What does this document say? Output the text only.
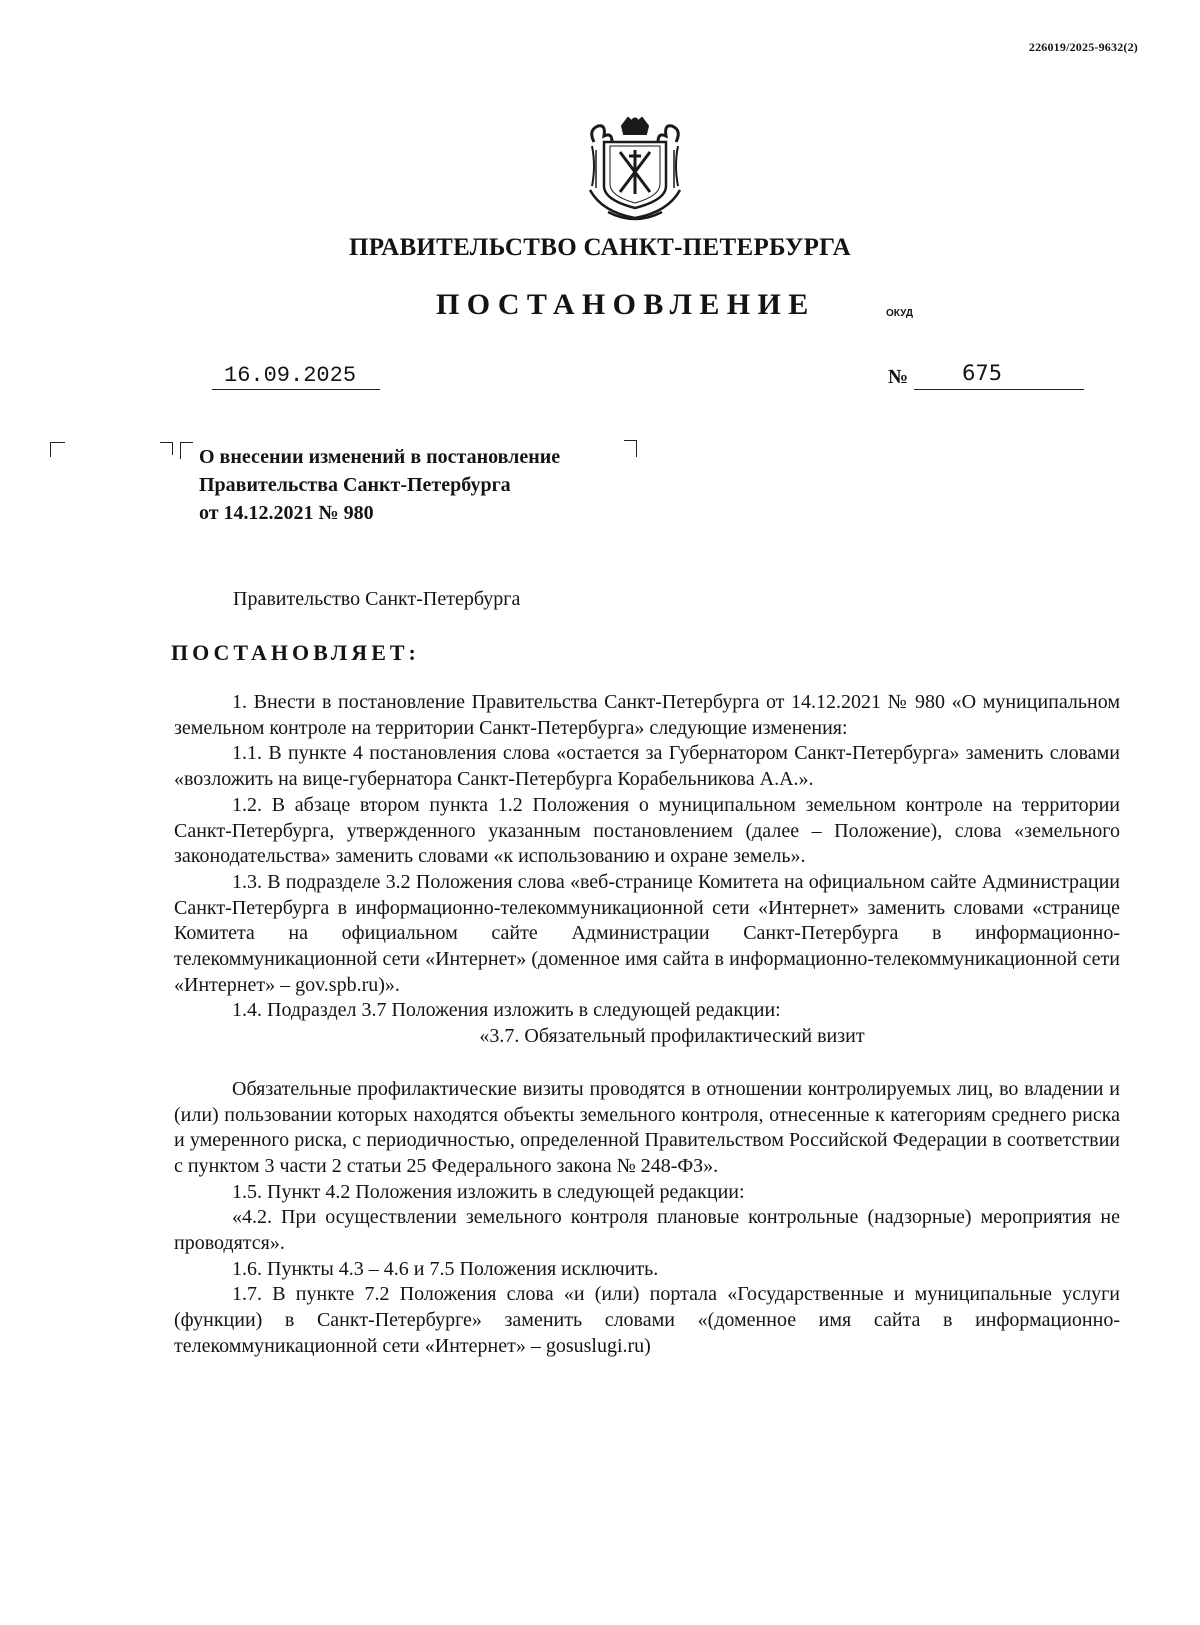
226019/2025-9632(2)
ПРАВИТЕЛЬСТВО САНКТ-ПЕТЕРБУРГА
ПОСТАНОВЛЕНИЕ	ОКУД
16.09.2025	№	675
О внесении изменений в постановление
Правительства Санкт-Петербурга
от 14.12.2021 № 980
Правительство Санкт-Петербурга
ПОСТАНОВЛЯЕТ:

1. Внести в постановление Правительства Санкт-Петербурга от 14.12.2021 № 980 «О муниципальном земельном контроле на территории Санкт-Петербурга» следующие изменения:

1.1. В пункте 4 постановления слова «остается за Губернатором Санкт-Петербурга» заменить словами «возложить на вице-губернатора Санкт-Петербурга Корабельникова А.А.».

1.2. В абзаце втором пункта 1.2 Положения о муниципальном земельном контроле на территории Санкт-Петербурга, утвержденного указанным постановлением (далее – Положение), слова «земельного законодательства» заменить словами «к использованию и охране земель».

1.3. В подразделе 3.2 Положения слова «веб-странице Комитета на официальном сайте Администрации Санкт-Петербурга в информационно-телекоммуникационной сети «Интернет» заменить словами «странице Комитета на официальном сайте Администрации Санкт-Петербурга в информационно-телекоммуникационной сети «Интернет» (доменное имя сайта в информационно-телекоммуникационной сети «Интернет» – gov.spb.ru)».

1.4. Подраздел 3.7 Положения изложить в следующей редакции:

«3.7. Обязательный профилактический визит

Обязательные профилактические визиты проводятся в отношении контролируемых лиц, во владении и (или) пользовании которых находятся объекты земельного контроля, отнесенные к категориям среднего риска и умеренного риска, с периодичностью, определенной Правительством Российской Федерации в соответствии с пунктом 3 части 2 статьи 25 Федерального закона № 248-ФЗ».

1.5. Пункт 4.2 Положения изложить в следующей редакции:

«4.2. При осуществлении земельного контроля плановые контрольные (надзорные) мероприятия не проводятся».

1.6. Пункты 4.3 – 4.6 и 7.5 Положения исключить.

1.7. В пункте 7.2 Положения слова «и (или) портала «Государственные и муниципальные услуги (функции) в Санкт-Петербурге» заменить словами «(доменное имя сайта в информационно-телекоммуникационной сети «Интернет» – gosuslugi.ru)
